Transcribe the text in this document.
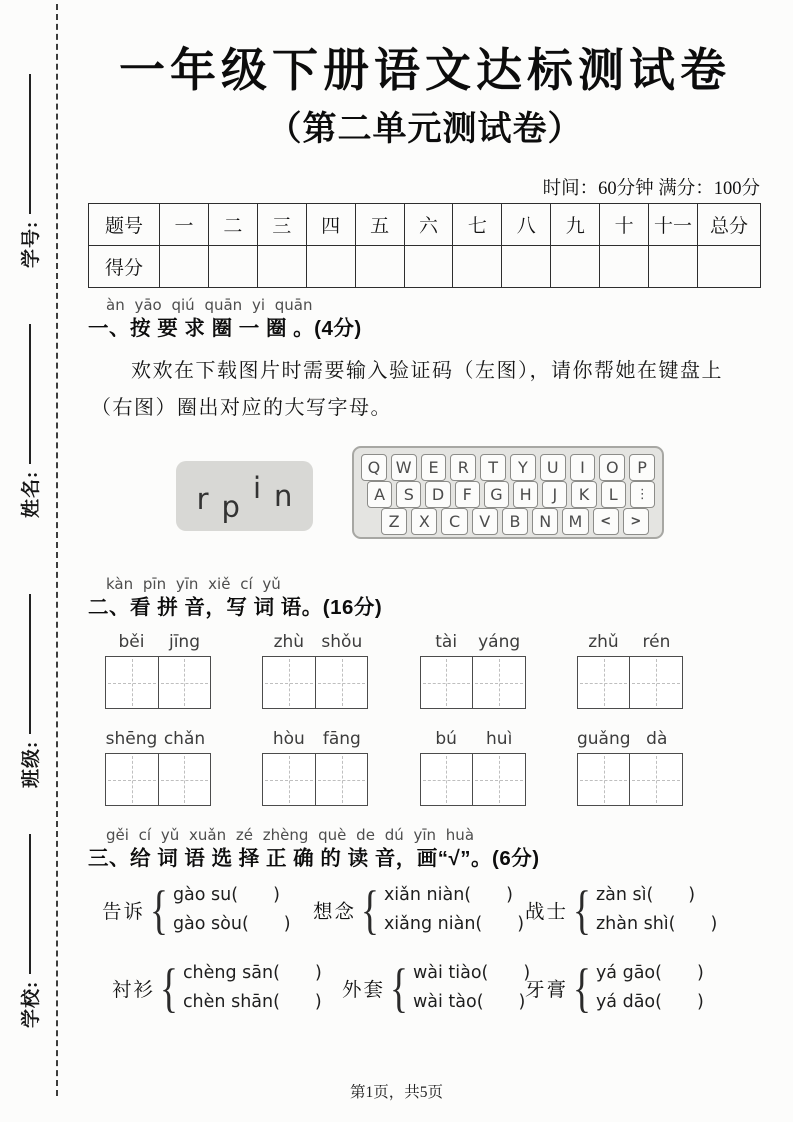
学号:
姓名:
班级:
学校:
一年级下册语文达标测试卷
（第二单元测试卷）
时间：60分钟 满分：100分
题号	一	二	三	四	五	六	七	八	九	十	十一	总分
得分												
àn yāo qiú quān yi quān
一、按 要 求 圈 一 圈 。(4分)
欢欢在下载图片时需要输入验证码（左图），请你帮她在键盘上
（右图）圈出对应的大写字母。
r p
i n
Q W	E	R	T	Y	U	I	O	P
A	S	D	F	G	H	J	K	L	⋮
Z	X	C	V	B	N	M	<	>
kàn pīn yīn xiě cí yǔ
二、看 拼 音，写 词 语。(16分)
běi	jīng	zhù	shǒu	tài	yáng	zhǔ	rén
shēng chǎn	hòu	fāng	bú	huì	guǎng dà
gěi cí yǔ xuǎn zé zhèng què de dú yīn huà
三、给 词 语 选 择 正 确 的 读 音，画“√”。(6分)
告诉 { gào su(　　)
gào sòu(　　)
想念 { xiǎn niàn(　　)
xiǎng niàn(　　)
战士 { zàn sì(　　)
zhàn shì(　　)
衬衫 { chèng sān(　　)
chèn shān(　　)
外套 { wài tiào(　　)
wài tào(　　)
牙膏 { yá gāo(　　)
yá dāo(　　)
第1页，共5页
